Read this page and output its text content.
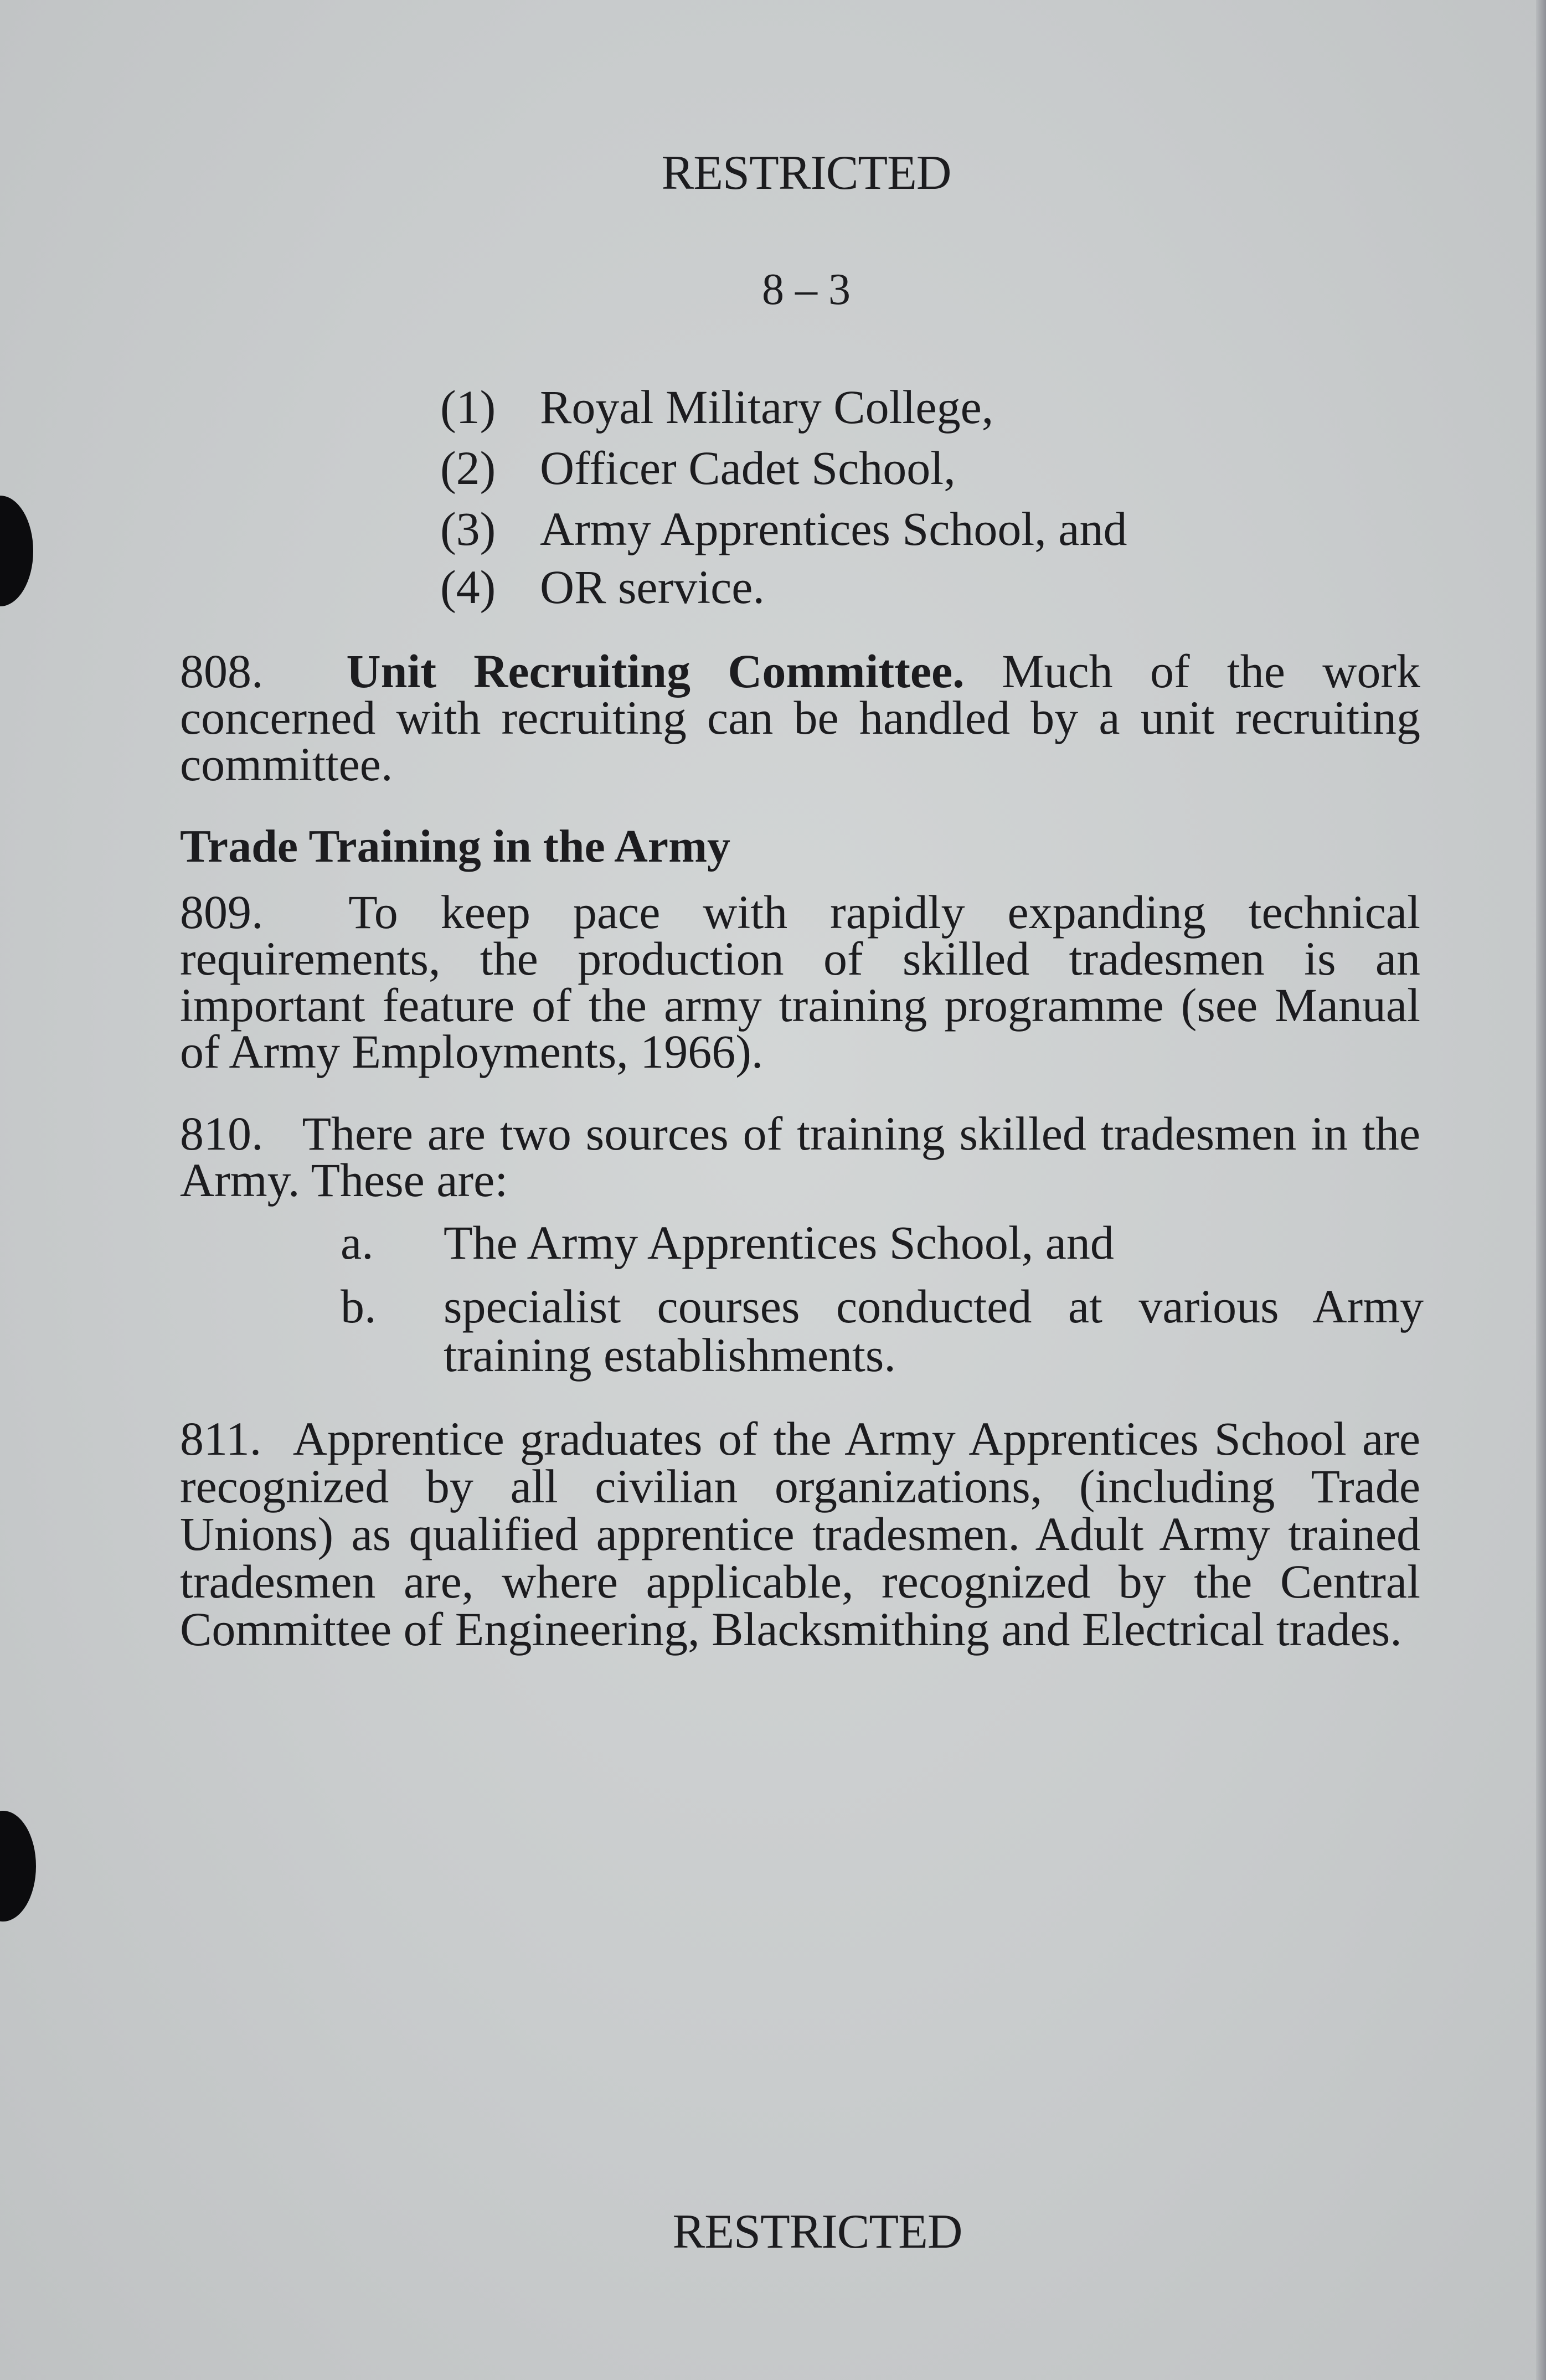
RESTRICTED
8 – 3
(1) Royal Military College,
(2) Officer Cadet School,
(3) Army Apprentices School, and
(4) OR service.
808. Unit Recruiting Committee. Much of the work concerned with recruiting can be handled by a unit recruiting committee.
Trade Training in the Army
809. To keep pace with rapidly expanding technical requirements, the production of skilled tradesmen is an important feature of the army training programme (see Manual of Army Employments, 1966).
810. There are two sources of training skilled tradesmen in the Army. These are:
a. The Army Apprentices School, and
b. specialist courses conducted at various Army training establishments.
811. Apprentice graduates of the Army Apprentices School are recognized by all civilian organizations, (including Trade Unions) as qualified apprentice tradesmen. Adult Army trained tradesmen are, where applicable, recognized by the Central Committee of Engineering, Blacksmithing and Electrical trades.
RESTRICTED
